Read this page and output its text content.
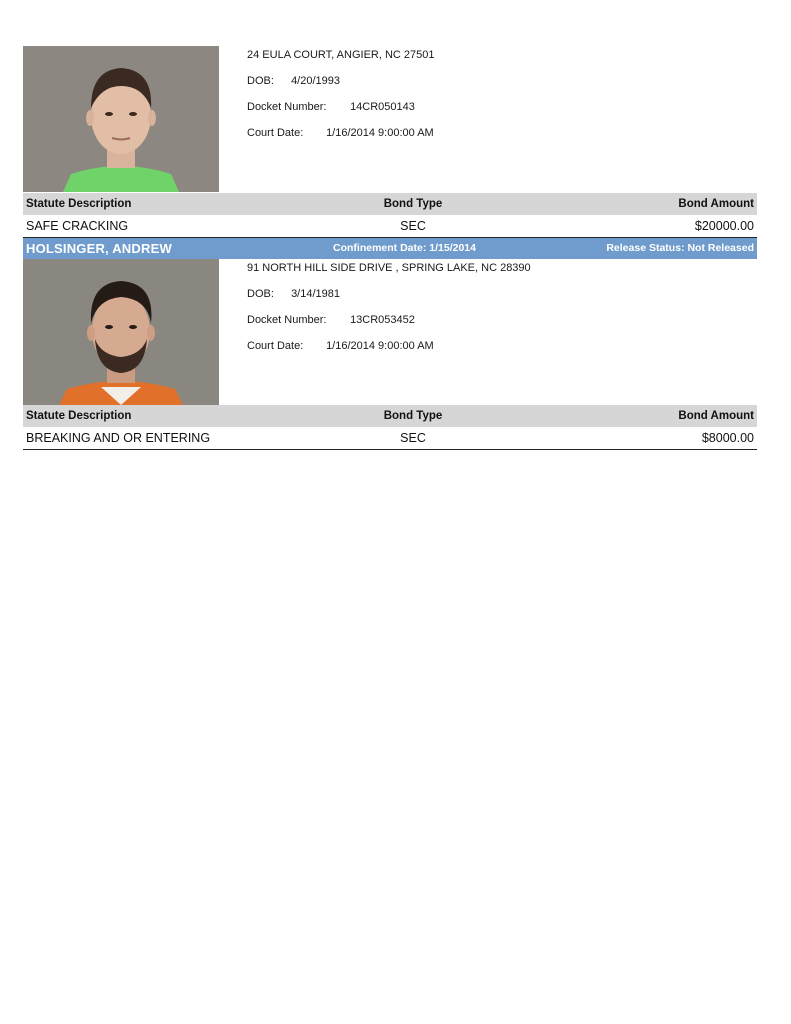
24 EULA COURT, ANGIER, NC 27501
DOB: 4/20/1993
Docket Number: 14CR050143
Court Date: 1/16/2014 9:00:00 AM
Statute Description	Bond Type	Bond Amount
SAFE CRACKING	SEC	$20000.00
HOLSINGER, ANDREW	Confinement Date: 1/15/2014	Release Status: Not Released
91 NORTH HILL SIDE DRIVE , SPRING LAKE, NC 28390
DOB: 3/14/1981
Docket Number: 13CR053452
Court Date: 1/16/2014 9:00:00 AM
Statute Description	Bond Type	Bond Amount
BREAKING AND OR ENTERING	SEC	$8000.00
